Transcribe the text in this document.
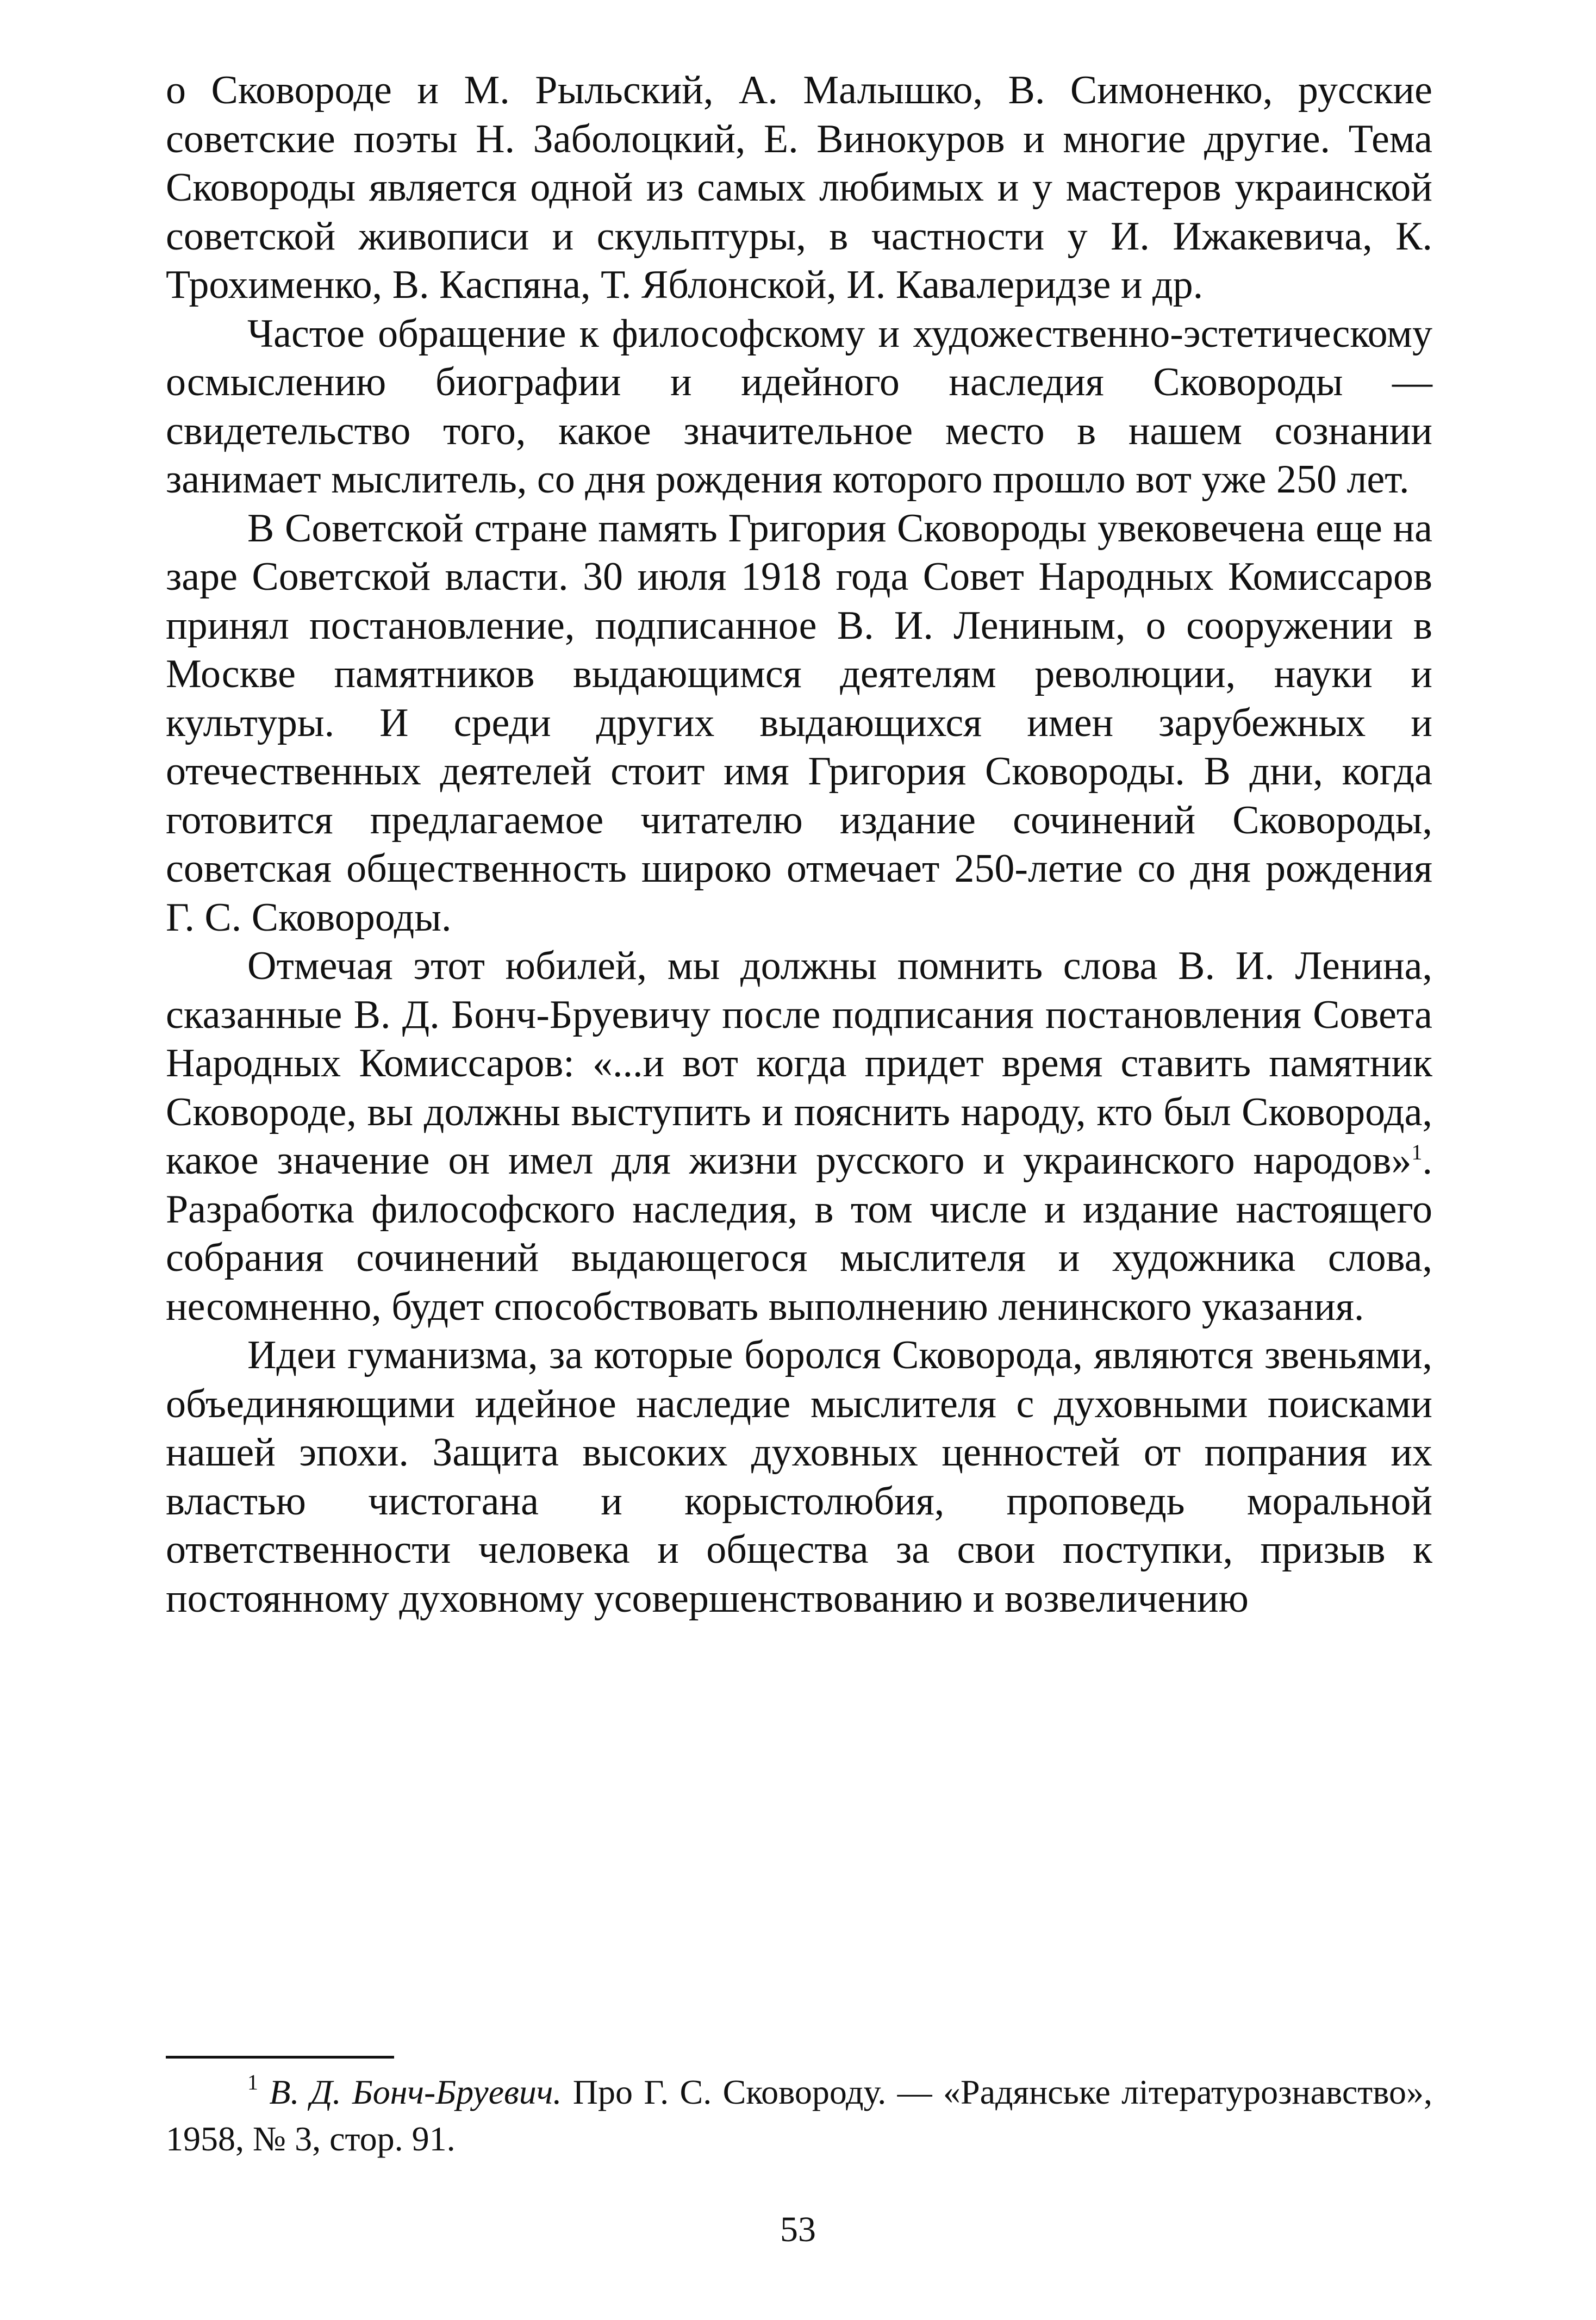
о Сковороде и М. Рыльский, А. Малышко, В. Симоненко, русские советские поэты Н. Заболоцкий, Е. Винокуров и многие другие. Тема Сковороды является одной из самых любимых и у мастеров украинской советской живописи и скульптуры, в частности у И. Ижакевича, К. Трохименко, В. Каспяна, Т. Яблонской, И. Кавалеридзе и др.

Частое обращение к философскому и художественно-эстетическому осмыслению биографии и идейного наследия Сковороды — свидетельство того, какое значительное место в нашем сознании занимает мыслитель, со дня рождения которого прошло вот уже 250 лет.

В Советской стране память Григория Сковороды увековечена еще на заре Советской власти. 30 июля 1918 года Совет Народных Комиссаров принял постановление, подписанное В. И. Лениным, о сооружении в Москве памятников выдающимся деятелям революции, науки и культуры. И среди других выдающихся имен зарубежных и отечественных деятелей стоит имя Григория Сковороды. В дни, когда готовится предлагаемое читателю издание сочинений Сковороды, советская общественность широко отмечает 250-летие со дня рождения Г. С. Сковороды.

Отмечая этот юбилей, мы должны помнить слова В. И. Ленина, сказанные В. Д. Бонч-Бруевичу после подписания постановления Совета Народных Комиссаров: «...и вот когда придет время ставить памятник Сковороде, вы должны выступить и пояснить народу, кто был Сковорода, какое значение он имел для жизни русского и украинского народов»$^1$. Разработка философского наследия, в том числе и издание настоящего собрания сочинений выдающегося мыслителя и художника слова, несомненно, будет способствовать выполнению ленинского указания.

Идеи гуманизма, за которые боролся Сковорода, являются звеньями, объединяющими идейное наследие мыслителя с духовными поисками нашей эпохи. Защита высоких духовных ценностей от попрания их властью чистогана и корыстолюбия, проповедь моральной ответственности человека и общества за свои поступки, призыв к постоянному духовному усовершенствованию и возвеличению

$^1$ В. Д. Бонч-Бруевич. Про Г. С. Сковороду. — «Радянське літературознавство», 1958, № 3, стор. 91.

53
